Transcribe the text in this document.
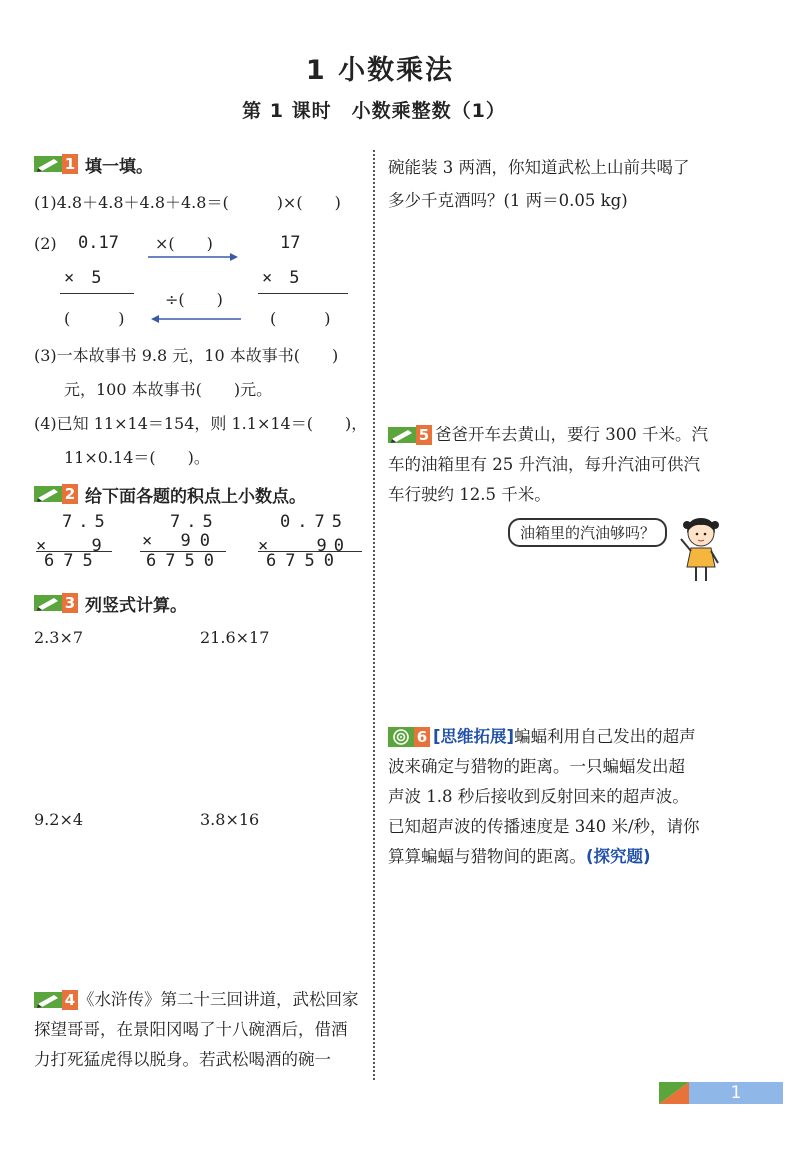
1 小数乘法
第 1 课时　小数乘整数（1）
1 填一填。
(1)4.8＋4.8＋4.8＋4.8＝(　　　)×(　　)
(2) 0.17
×　5
(　　　)
17
×　5
(　　　)
×(　　)
÷(　　)
(3)一本故事书 9.8 元，10 本故事书(　　)
元，100 本故事书(　　)元。
(4)已知 11×14＝154，则 1.1×14＝(　　)，
11×0.14＝(　　)。
2 给下面各题的积点上小数点。
7.5
× 　9
675
7.5
× 90
6750
0.75
× 　90
6750
3 列竖式计算。
2.3×7	21.6×17
9.2×4	3.8×16
4 《水浒传》第二十三回讲道，武松回家
探望哥哥，在景阳冈喝了十八碗酒后，借酒
力打死猛虎得以脱身。若武松喝酒的碗一
碗能装 3 两酒，你知道武松上山前共喝了
多少千克酒吗？(1 两＝0.05 kg)
5 爸爸开车去黄山，要行 300 千米。汽
车的油箱里有 25 升汽油，每升汽油可供汽
车行驶约 12.5 千米。
油箱里的汽油够吗？
6 [思维拓展] 蝙蝠利用自己发出的超声
波来确定与猎物的距离。一只蝙蝠发出超
声波 1.8 秒后接收到反射回来的超声波。
已知超声波的传播速度是 340 米/秒，请你
算算蝙蝠与猎物间的距离。(探究题)
1
